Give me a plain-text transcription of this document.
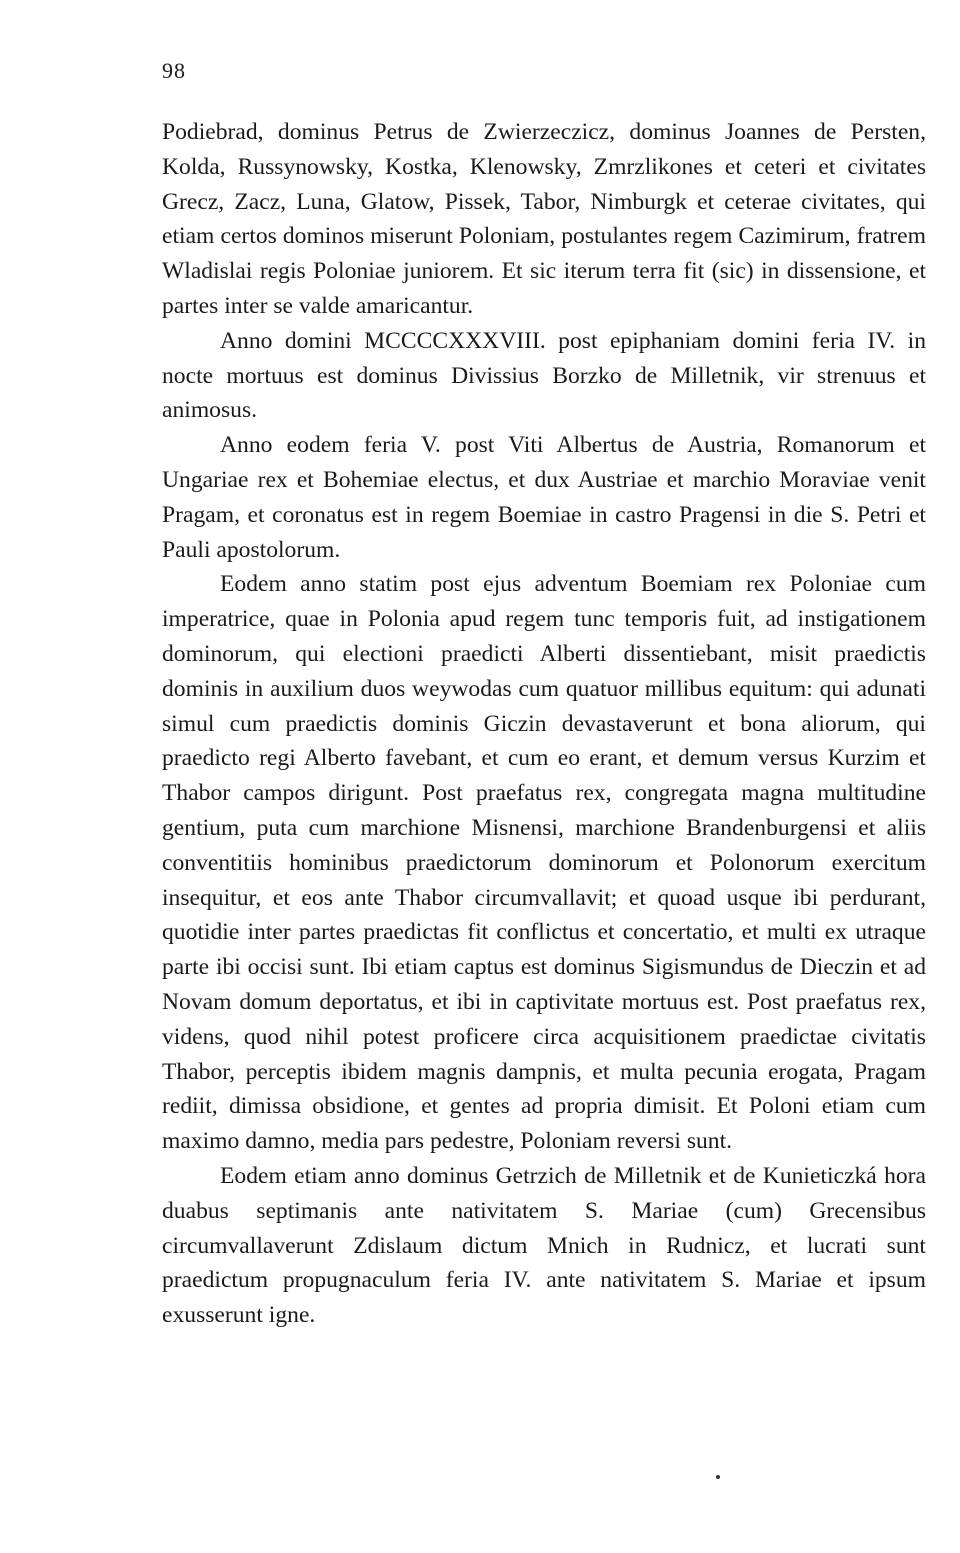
98

Podiebrad, dominus Petrus de Zwierzeczicz, dominus Joannes de Persten, Kolda, Russynowsky, Kostka, Klenowsky, Zmrzlikones et ceteri et civitates Grecz, Zacz, Luna, Glatow, Pissek, Tabor, Nimburgk et ceterae civitates, qui etiam certos dominos miserunt Poloniam, postulantes regem Cazimirum, fratrem Wladislai regis Poloniae juniorem. Et sic iterum terra fit (sic) in dissensione, et partes inter se valde amaricantur.

Anno domini MCCCCXXXVIII. post epiphaniam domini feria IV. in nocte mortuus est dominus Divissius Borzko de Milletnik, vir strenuus et animosus.

Anno eodem feria V. post Viti Albertus de Austria, Romanorum et Ungariae rex et Bohemiae electus, et dux Austriae et marchio Moraviae venit Pragam, et coronatus est in regem Boemiae in castro Pragensi in die S. Petri et Pauli apostolorum.

Eodem anno statim post ejus adventum Boemiam rex Poloniae cum imperatrice, quae in Polonia apud regem tunc temporis fuit, ad instigationem dominorum, qui electioni praedicti Alberti dissentiebant, misit praedictis dominis in auxilium duos weywodas cum quatuor millibus equitum: qui adunati simul cum praedictis dominis Giczin devastaverunt et bona aliorum, qui praedicto regi Alberto favebant, et cum eo erant, et demum versus Kurzim et Thabor campos dirigunt. Post praefatus rex, congregata magna multitudine gentium, puta cum marchione Misnensi, marchione Brandenburgensi et aliis conventitiis hominibus praedictorum dominorum et Polonorum exercitum insequitur, et eos ante Thabor circumvallavit; et quoad usque ibi perdurant, quotidie inter partes praedictas fit conflictus et concertatio, et multi ex utraque parte ibi occisi sunt. Ibi etiam captus est dominus Sigismundus de Dieczin et ad Novam domum deportatus, et ibi in captivitate mortuus est. Post praefatus rex, videns, quod nihil potest proficere circa acquisitionem praedictae civitatis Thabor, perceptis ibidem magnis dampnis, et multa pecunia erogata, Pragam rediit, dimissa obsidione, et gentes ad propria dimisit. Et Poloni etiam cum maximo damno, media pars pedestre, Poloniam reversi sunt.

Eodem etiam anno dominus Getrzich de Milletnik et de Kunieticzká hora duabus septimanis ante nativitatem S. Mariae (cum) Grecensibus circumvallaverunt Zdislaum dictum Mnich in Rudnicz, et lucrati sunt praedictum propugnaculum feria IV. ante nativitatem S. Mariae et ipsum exusserunt igne.
